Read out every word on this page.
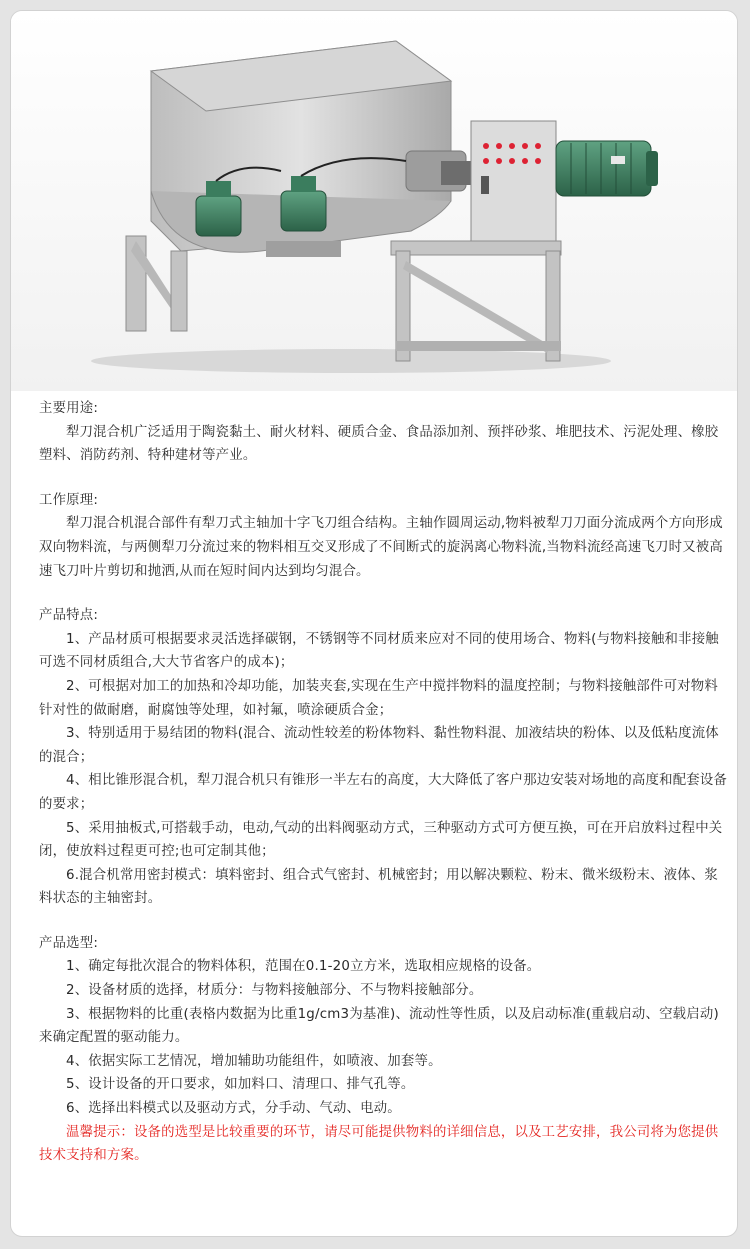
主要用途:

犁刀混合机广泛适用于陶瓷黏土、耐火材料、硬质合金、食品添加剂、预拌砂浆、堆肥技术、污泥处理、橡胶塑料、消防药剂、特种建材等产业。

工作原理:

犁刀混合机混合部件有犁刀式主轴加十字飞刀组合结构。主轴作圆周运动,物料被犁刀刀面分流成两个方向形成双向物料流，与两侧犁刀分流过来的物料相互交叉形成了不间断式的旋涡离心物料流,当物料流经高速飞刀时又被高速飞刀叶片剪切和抛洒,从而在短时间内达到均匀混合。

产品特点:

1、产品材质可根据要求灵活选择碳钢，不锈钢等不同材质来应对不同的使用场合、物料(与物料接触和非接触可选不同材质组合,大大节省客户的成本)；

2、可根据对加工的加热和冷却功能，加装夹套,实现在生产中搅拌物料的温度控制；与物料接触部件可对物料针对性的做耐磨，耐腐蚀等处理，如衬氟，喷涂硬质合金；

3、特别适用于易结团的物料(混合、流动性较差的粉体物料、黏性物料混、加液结块的粉体、以及低粘度流体的混合；

4、相比锥形混合机，犁刀混合机只有锥形一半左右的高度，大大降低了客户那边安装对场地的高度和配套设备的要求；

5、采用抽板式,可搭载手动，电动,气动的出料阀驱动方式，三种驱动方式可方便互换，可在开启放料过程中关闭，使放料过程更可控;也可定制其他；

6.混合机常用密封模式：填料密封、组合式气密封、机械密封；用以解决颗粒、粉末、微米级粉末、液体、浆料状态的主轴密封。

产品选型:

1、确定每批次混合的物料体积，范围在0.1-20立方米，选取相应规格的设备。

2、设备材质的选择，材质分：与物料接触部分、不与物料接触部分。

3、根据物料的比重(表格内数据为比重1g/cm3为基准)、流动性等性质，以及启动标准(重载启动、空载启动)来确定配置的驱动能力。

4、依据实际工艺情况，增加辅助功能组件，如喷液、加套等。

5、设计设备的开口要求，如加料口、清理口、排气孔等。

6、选择出料模式以及驱动方式，分手动、气动、电动。

温馨提示：设备的选型是比较重要的环节，请尽可能提供物料的详细信息，以及工艺安排，我公司将为您提供技术支持和方案。
